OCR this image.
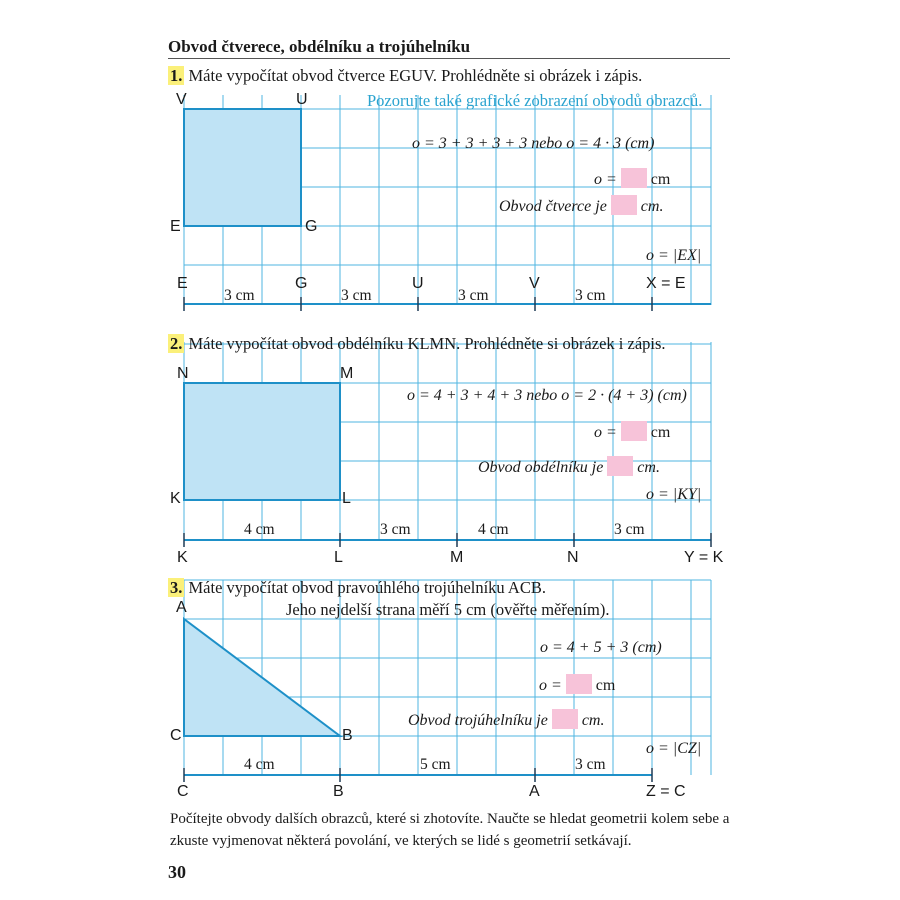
Obvod čtverece, obdélníku a trojúhelníku
1. Máte vypočítat obvod čtverce EGUV. Prohlédněte si obrázek i zápis.
Pozorujte také grafické zobrazení obvodů obrazců.
V	U
E	G
o = 3 + 3 + 3 + 3 nebo o = 4 · 3 (cm)
o = cm
Obvod čtverce je cm.
o = |EX|
E	G	U	V	X = E
3 cm	3 cm	3 cm	3 cm
2. Máte vypočítat obvod obdélníku KLMN. Prohlédněte si obrázek i zápis.
N	M
K	L
o = 4 + 3 + 4 + 3 nebo o = 2 · (4 + 3) (cm)
o = cm
Obvod obdélníku je cm.
o = |KY|
4 cm	3 cm	4 cm	3 cm
K	L	M	N	Y = K
3. Máte vypočítat obvod pravoúhlého trojúhelníku ACB.
Jeho nejdelší strana měří 5 cm (ověřte měřením).
A
C	B
o = 4 + 5 + 3 (cm)
o = cm
Obvod trojúhelníku je cm.
o = |CZ|
4 cm	5 cm	3 cm
C	B	A	Z = C
Počítejte obvody dalších obrazců, které si zhotovíte. Naučte se hledat geometrii kolem sebe a zkuste vyjmenovat některá povolání, ve kterých se lidé s geometrií setkávají.
30
